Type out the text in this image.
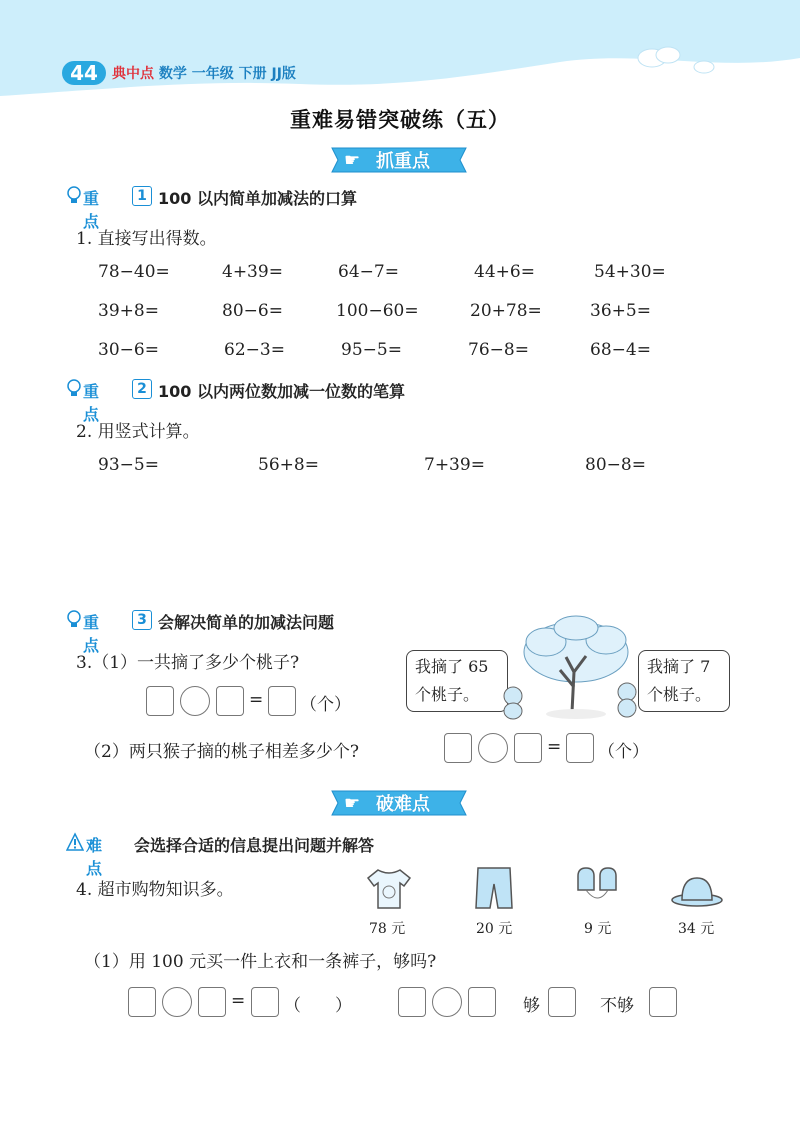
44	典中点 数学 一年级 下册 JJ版
重难易错突破练（五）
☛ 抓重点
重点
1 100 以内简单加减法的口算
1. 直接写出得数。
78−40=	4+39=	64−7=	44+6=	54+30=
39+8=	80−6=	100−60=	20+78=	36+5=
30−6=	62−3=	95−5=	76−8=	68−4=
重点
2 100 以内两位数加减一位数的笔算
2. 用竖式计算。
93−5=	56+8=	7+39=	80−8=
重点
3 会解决简单的加减法问题
3.（1）一共摘了多少个桃子?
= （个）
我摘了 65
个桃子。
我摘了 7
个桃子。
（2）两只猴子摘的桃子相差多少个?	= （个）
☛ 破难点
难点
会选择合适的信息提出问题并解答
4. 超市购物知识多。
78 元	20 元	9 元	34 元
（1）用 100 元买一件上衣和一条裤子，够吗?
= （　　）	够	不够
